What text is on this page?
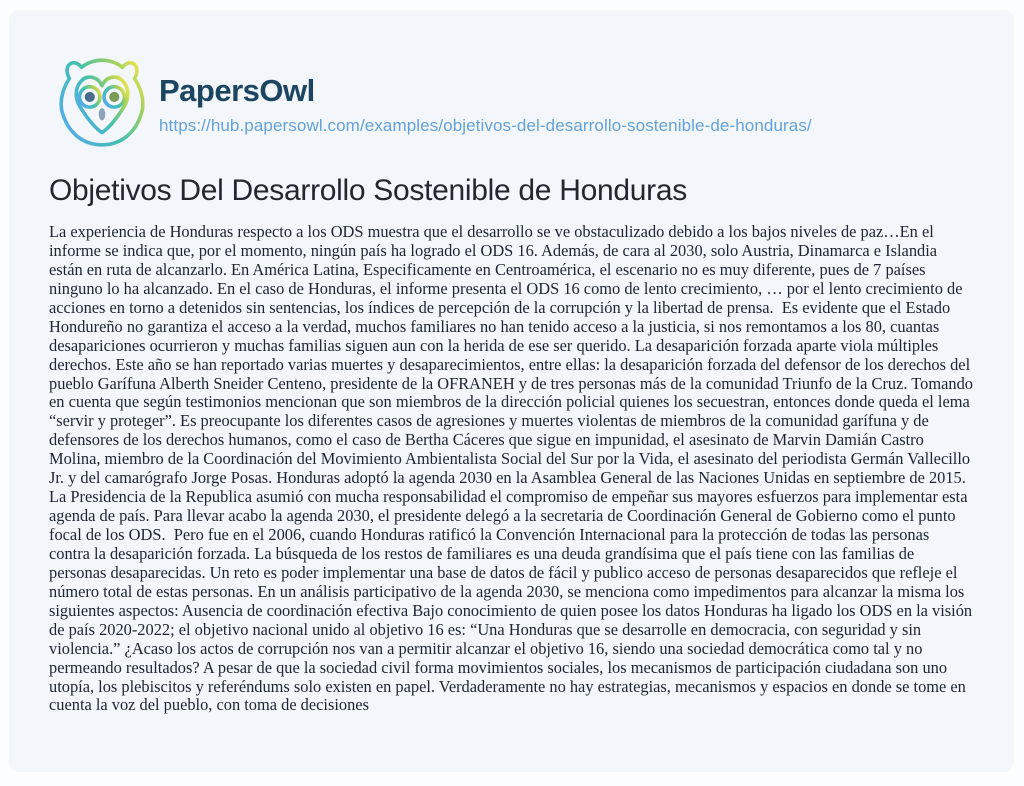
PapersOwl
https://hub.papersowl.com/examples/objetivos-del-desarrollo-sostenible-de-honduras/
Objetivos Del Desarrollo Sostenible de Honduras
La experiencia de Honduras respecto a los ODS muestra que el desarrollo se ve obstaculizado debido a los bajos niveles de paz…En el informe se indica que, por el momento, ningún país ha logrado el ODS 16. Además, de cara al 2030, solo Austria, Dinamarca e Islandia están en ruta de alcanzarlo. En América Latina, Especificamente en Centroamérica, el escenario no es muy diferente, pues de 7 países ninguno lo ha alcanzado. En el caso de Honduras, el informe presenta el ODS 16 como de lento crecimiento, … por el lento crecimiento de acciones en torno a detenidos sin sentencias, los índices de percepción de la corrupción y la libertad de prensa.  Es evidente que el Estado Hondureño no garantiza el acceso a la verdad, muchos familiares no han tenido acceso a la justicia, si nos remontamos a los 80, cuantas desapariciones ocurrieron y muchas familias siguen aun con la herida de ese ser querido. La desaparición forzada aparte viola múltiples derechos. Este año se han reportado varias muertes y desaparecimientos, entre ellas: la desaparición forzada del defensor de los derechos del pueblo Garífuna Alberth Sneider Centeno, presidente de la OFRANEH y de tres personas más de la comunidad Triunfo de la Cruz. Tomando en cuenta que según testimonios mencionan que son miembros de la dirección policial quienes los secuestran, entonces donde queda el lema “servir y proteger”. Es preocupante los diferentes casos de agresiones y muertes violentas de miembros de la comunidad garífuna y de defensores de los derechos humanos, como el caso de Bertha Cáceres que sigue en impunidad, el asesinato de Marvin Damián Castro Molina, miembro de la Coordinación del Movimiento Ambientalista Social del Sur por la Vida, el asesinato del periodista Germán Vallecillo Jr. y del camarógrafo Jorge Posas. Honduras adoptó la agenda 2030 en la Asamblea General de las Naciones Unidas en septiembre de 2015. La Presidencia de la Republica asumió con mucha responsabilidad el compromiso de empeñar sus mayores esfuerzos para implementar esta agenda de país. Para llevar acabo la agenda 2030, el presidente delegó a la secretaria de Coordinación General de Gobierno como el punto focal de los ODS.  Pero fue en el 2006, cuando Honduras ratificó la Convención Internacional para la protección de todas las personas contra la desaparición forzada. La búsqueda de los restos de familiares es una deuda grandísima que el país tiene con las familias de personas desaparecidas. Un reto es poder implementar una base de datos de fácil y publico acceso de personas desaparecidos que refleje el número total de estas personas. En un análisis participativo de la agenda 2030, se menciona como impedimentos para alcanzar la misma los siguientes aspectos: Ausencia de coordinación efectiva Bajo conocimiento de quien posee los datos Honduras ha ligado los ODS en la visión de país 2020-2022; el objetivo nacional unido al objetivo 16 es: “Una Honduras que se desarrolle en democracia, con seguridad y sin violencia.” ¿Acaso los actos de corrupción nos van a permitir alcanzar el objetivo 16, siendo una sociedad democrática como tal y no permeando resultados? A pesar de que la sociedad civil forma movimientos sociales, los mecanismos de participación ciudadana son uno utopía, los plebiscitos y referéndums solo existen en papel. Verdaderamente no hay estrategias, mecanismos y espacios en donde se tome en cuenta la voz del pueblo, con toma de decisiones
